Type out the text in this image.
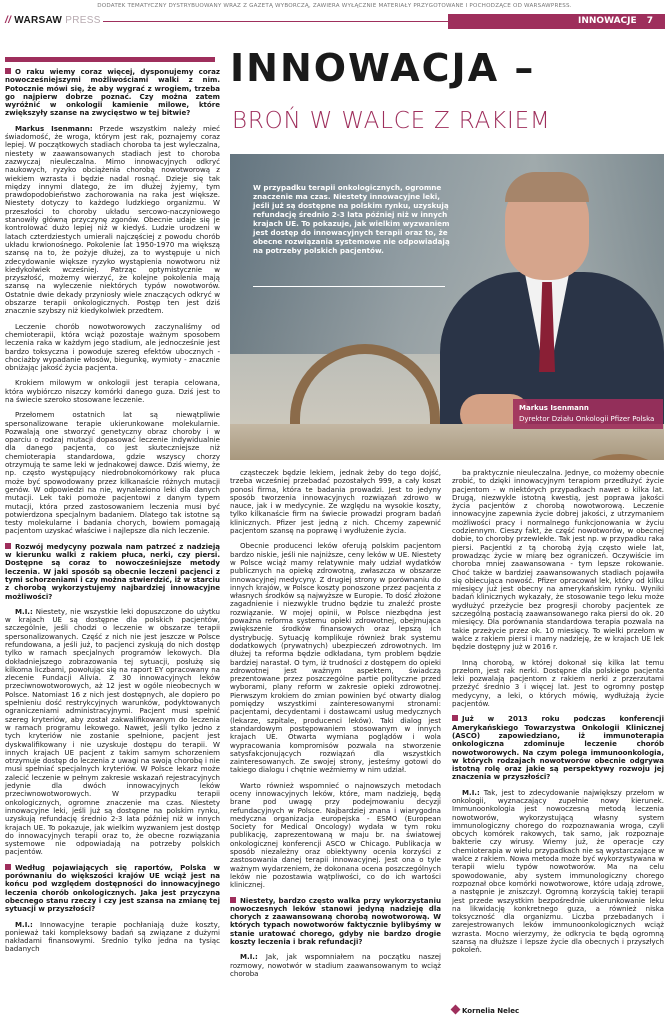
DODATEK TEMATYCZNY DYSTRYBUOWANY WRAZ Z GAZETĄ WYBORCZĄ, ZAWIERA WYŁĄCZNIE MATERIAŁY PRZYGOTOWANE I POCHODZĄCE OD WARSAWPRESS.
// WARSAW PRESS	INNOWACJE 7
INNOWACJA –
BROŃ W WALCE Z RAKIEM

O raku wiemy coraz więcej, dysponujemy coraz nowocześniejszymi możliwościami walki z nim. Potocznie mówi się, że aby wygrać z wrogiem, trzeba go najpierw dobrze poznać. Czy można zatem wyróżnić w onkologii kamienie milowe, które zwiększyły szanse na zwycięstwo w tej bitwie?

Markus Isenmann: Przede wszystkim należy mieć świadomość, że wroga, którym jest rak, poznajemy coraz lepiej. W początkowych stadiach choroba ta jest wyleczalna, niestety w zaawansowanych stadiach jest to choroba zazwyczaj nieuleczalna. Mimo innowacyjnych odkryć naukowych, ryzyko obciążenia chorobą nowotworową z wiekiem wzrasta i będzie nadal rosnąć. Dzieje się tak między innymi dlatego, że im dłużej żyjemy, tym prawdopodobieństwo zachorowania na raka jest większe. Niestety dotyczy to każdego ludzkiego organizmu. W przeszłości to choroby układu sercowo-naczyniowego stanowiły główną przyczynę zgonów. Obecnie udaje się je kontrolować dużo lepiej niż w kiedyś. Ludzie urodzeni w latach czterdziestych umierali najczęściej z powodu chorób układu krwionośnego. Pokolenie lat 1950-1970 ma większą szansę na to, że pożyje dłużej, za to występuje u nich zdecydowanie większe ryzyko wystąpienia nowotworu niż kiedykolwiek wcześniej. Patrząc optymistycznie w przyszłość, możemy wierzyć, że kolejne pokolenia mają szansę na wyleczenie niektórych typów nowotworów. Ostatnie dwie dekady przyniosły wiele znaczących odkryć w obszarze terapii onkologicznych. Postęp ten jest dziś znacznie szybszy niż kiedykolwiek przedtem.

Leczenie chorób nowotworowych zaczynaliśmy od chemioterapii, która wciąż pozostaje ważnym sposobem leczenia raka w każdym jego stadium, ale jednocześnie jest bardzo toksyczna i powoduje szereg efektów ubocznych - chociażby wypadanie włosów, biegunkę, wymioty - znacznie obniżając jakość życia pacjenta.

Krokiem milowym w onkologii jest terapia celowana, która wybiórczo niszczy komórki danego guza. Dziś jest to na świecie szeroko stosowane leczenie.

Przełomem ostatnich lat są niewątpliwie spersonalizowane terapie ukierunkowane molekularnie. Pozwalają one stworzyć genetyczny obraz choroby i w oparciu o rodzaj mutacji dopasować leczenie indywidualnie dla danego pacjenta, co jest skuteczniejsze niż chemioterapia standardowa, gdzie wszyscy chorzy otrzymują te same leki w jednakowej dawce. Dziś wiemy, że np. często występujący niedrobnokomórkowy rak płuca może być spowodowany przez kilkanaście różnych mutacji genów. W odpowiedzi na nie, wynaleziono leki dla danych mutacji. Lek taki pomoże pacjentowi z danym typem mutacji, która przed zastosowaniem leczenia musi być potwierdzona specjalnym badaniem. Dlatego tak istotne są testy molekularne i badania chorych, bowiem pomagają pacjentom uzyskać właściwe i najlepsze dla nich leczenie.

Rozwój medycyny pozwala nam patrzeć z nadzieją w kierunku walki z rakiem płuca, nerki, czy piersi. Dostępne są coraz to nowocześniejsze metody leczenia. W jaki sposób są obecnie leczeni pacjenci z tymi schorzeniami i czy można stwierdzić, iż w starciu z chorobą wykorzystujemy najbardziej innowacyjne możliwości?

M.I.: Niestety, nie wszystkie leki dopuszczone do użytku w krajach UE są dostępne dla polskich pacjentów, szczególnie, jeśli chodzi o leczenie w obszarze terapii spersonalizowanych. Część z nich nie jest jeszcze w Polsce refundowana, a jeśli już, to pacjenci zyskują do nich dostęp tylko w ramach specjalnych programów lekowych. Dla dokładniejszego zobrazowania tej sytuacji, posłużę się kilkoma liczbami, powołując się na raport EY opracowany na zlecenie Fundacji Alivia. Z 30 innowacyjnych leków przeciwnowotworowych, aż 12 jest w ogóle nieobecnych w Polsce. Natomiast 16 z nich jest dostępnych, ale dopiero po spełnieniu dość restrykcyjnych warunków, podyktowanych ograniczeniami administracyjnymi. Pacjent musi spełnić szereg kryteriów, aby został zakwalifikowanym do leczenia w ramach programu lekowego. Nawet, jeśli tylko jedno z tych kryteriów nie zostanie spełnione, pacjent jest dyskwalifikowany i nie uzyskuje dostępu do terapii. W innych krajach UE pacjent z takim samym schorzeniem otrzymuje dostęp do leczenia z uwagi na swoją chorobę i nie musi spełniać specjalnych kryteriów. W Polsce lekarz może zalecić leczenie w pełnym zakresie wskazań rejestracyjnych jedynie dla dwóch innowacyjnych leków przeciwnowotworowych. W przypadku terapii onkologicznych, ogromne znaczenie ma czas. Niestety innowacyjne leki, jeśli już są dostępne na polskim rynku, uzyskują refundację średnio 2-3 lata później niż w innych krajach UE. To pokazuje, jak wielkim wyzwaniem jest dostęp do innowacyjnych terapii oraz to, że obecne rozwiązania systemowe nie odpowiadają na potrzeby polskich pacjentów.

Według pojawiających się raportów, Polska w porównaniu do większości krajów UE wciąż jest na końcu pod względem dostępności do innowacyjnego leczenia chorób onkologicznych. Jaka jest przyczyna obecnego stanu rzeczy i czy jest szansa na zmianę tej sytuacji w przyszłości?

M.I.: Innowacyjne terapie pochłaniają duże koszty, ponieważ taki kompleksowy badań są związane z dużymi nakładami finansowymi. Średnio tylko jedna na tysiąc badanych

W przypadku terapii onkologicznych, ogromne znaczenie ma czas. Niestety innowacyjne leki, jeśli już są dostępne na polskim rynku, uzyskują refundację średnio 2-3 lata później niż w innych krajach UE. To pokazuje, jak wielkim wyzwaniem jest dostęp do innowacyjnych terapii oraz to, że obecne rozwiązania systemowe nie odpowiadają na potrzeby polskich pacjentów.
Markus Isenmann
Dyrektor Działu Onkologii Pfizer Polska

cząsteczek będzie lekiem, jednak żeby do tego dojść, trzeba wcześniej przebadać pozostałych 999, a cały koszt ponosi firma, która te badania prowadzi. Jest to jedyny sposób tworzenia innowacyjnych rozwiązań zdrowo w nauce, jak i w medycynie. Ze względu na wysokie koszty, tylko kilkanaście firm na świecie prowadzi program badań klinicznych. Pfizer jest jedną z nich. Chcemy zapewnić pacjentom szansę na poprawę i wydłużenie życia.

Obecnie producenci leków oferują polskim pacjentom bardzo niskie, jeśli nie najniższe, ceny leków w UE. Niestety w Polsce wciąż mamy relatywnie mały udział wydatków publicznych na opiekę zdrowotną, zwłaszcza w obszarze innowacyjnej medycyny. Z drugiej strony w porównaniu do innych krajów, w Polsce koszty ponoszone przez pacjenta z własnych środków są najwyższe w Europie. To dość złożone zagadnienie i niezwykle trudno będzie tu znaleźć proste rozwiązanie. W mojej opinii, w Polsce niezbędna jest poważna reforma systemu opieki zdrowotnej, obejmująca zwiększenie środków finansowych oraz lepszą ich dystrybucję. Sytuację komplikuje również brak systemu dodatkowych (prywatnych) ubezpieczeń zdrowotnych. Im dłużej ta reforma będzie odkładana, tym problem będzie bardziej narastał. O tym, iż trudności z dostępem do opieki zdrowotnej jest ważnym aspektem, świadczą prezentowane przez poszczególne partie polityczne przed wyborami, plany reform w zakresie opieki zdrowotnej. Pierwszym krokiem do zmian powinien być otwarty dialog pomiędzy wszystkimi zainteresowanymi stronami: pacjentami, decydentami i dostawcami usług medycznych (lekarze, szpitale, producenci leków). Taki dialog jest standardowym postępowaniem stosowanym w innych krajach UE. Otwarta wymiana poglądów i wola wypracowania kompromisów pozwala na stworzenie satysfakcjonujących rozwiązań dla wszystkich zainteresowanych. Ze swojej strony, jesteśmy gotowi do takiego dialogu i chętnie weźmiemy w nim udział.

Warto również wspomnieć o najnowszych metodach oceny innowacyjnych leków, które, mam nadzieję, będą brane pod uwagę przy podejmowaniu decyzji refundacyjnych w Polsce. Najbardziej znana i wiarygodna medyczna organizacja europejska - ESMO (European Society for Medical Oncology) wydała w tym roku publikację, zaprezentowaną w maju br. na światowej onkologicznej konferencji ASCO w Chicago. Publikacja w sposób niezależny oraz obiektywny ocenia korzyści z zastosowania danej terapii innowacyjnej. Jest ona o tyle ważnym wydarzeniem, że dokonana ocena poszczególnych leków nie pozostawia wątpliwości, co do ich wartości klinicznej.

Niestety, bardzo często walka przy wykorzystaniu nowoczesnych leków stanowi jedyną nadzieję dla chorych z zaawansowaną chorobą nowotworową. W których typach nowotworów faktycznie bylibyśmy w stanie uratować chorego, gdyby nie bardzo drogie koszty leczenia i brak refundacji?

M.I.: Jak, jak wspomniałem na początku naszej rozmowy, nowotwór w stadium zaawansowanym to wciąż choroba

ba praktycznie nieuleczalna. Jednye, co możemy obecnie zrobić, to dzięki innowacyjnym terapiom przedłużyć życie pacjentom - w niektórych przypadkach nawet o kilka lat. Drugą, niezwykle istotną kwestią, jest poprawa jakości życia pacjentów z chorobą nowotworową. Leczenie innowacyjne zapewnia życie dobrej jakości, z utrzymaniem możliwości pracy i normalnego funkcjonowania w życiu codziennym. Cieszy fakt, że część nowotworów, w obecnej dobie, to choroby przewlekłe. Tak jest np. w przypadku raka piersi. Pacjentki z tą chorobą żyją często wiele lat, prowadząc życie w miarę bez ograniczeń. Oczywiście im choroba mniej zaawansowana - tym lepsze rokowanie. Choć także w bardziej zaawansowanych stadiach pojawiła się obiecująca nowość. Pfizer opracował lek, który od kilku miesięcy już jest obecny na amerykańskim rynku. Wyniki badań klinicznych wykazały, że stosowanie tego leku może wydłużyć przeżycie bez progresji choroby pacjentek ze szczególną postacią zaawansowanego raka piersi do ok. 20 miesięcy. Dla porównania standardowa terapia pozwala na takie przeżycie przez ok. 10 miesięcy. To wielki przełom w walce z rakiem piersi i mamy nadzieję, że w krajach UE lek będzie dostępny już w 2016 r.

Inną chorobą, w której dokonał się kilka lat temu przełom, jest rak nerki. Dostępne dla polskiego pacjenta leki pozwalają pacjentom z rakiem nerki z przerzutami przeżyć średnio 3 i więcej lat. Jest to ogromny postęp medycyny, a leki, o których mówię, wydłużają życie pacjentów.

Już w 2013 roku podczas konferencji Amerykańskiego Towarzystwa Onkologii Klinicznej (ASCO) zapowiedziano, iż immunoterapia onkologiczna zdominuje leczenie chorób nowotworowych. Na czym polega immunoonkologia, w których rodzajach nowotworów obecnie odgrywa istotną rolę oraz jakie są perspektywy rozwoju jej znaczenia w przyszłości?

M.I.: Tak, jest to zdecydowanie największy przełom w onkologii, wyznaczający zupełnie nowy kierunek. Immunoonkologia jest nowoczesną metodą leczenia nowotworów, wykorzystującą własny system immunologiczny chorego do rozpoznawania wroga, czyli obcych komórek rakowych, tak samo, jak rozpoznaje bakterie czy wirusy. Wiemy już, że operacje czy chemioterapia w wielu przypadkach nie są wystarczające w walce z rakiem. Nowa metoda może być wykorzystywana w terapii wielu typów nowotworów. Ma na celu spowodowanie, aby system immunologiczny chorego rozpoznał obce komórki nowotworowe, które udają zdrowe, a następnie je zniszczył. Ogromną korzyścią takiej terapii jest przede wszystkim bezpośrednie ukierunkowanie leku na likwidację konkretnego guza, a również niska toksyczność dla organizmu. Liczba przebadanych i zarejestrowanych leków immunoonkologicznych wciąż wzrasta. Mocno wierzymy, że odkrycia te będą ogromną szansą na dłuższe i lepsze życie dla obecnych i przyszłych pokoleń.

Kornelia Nelec
